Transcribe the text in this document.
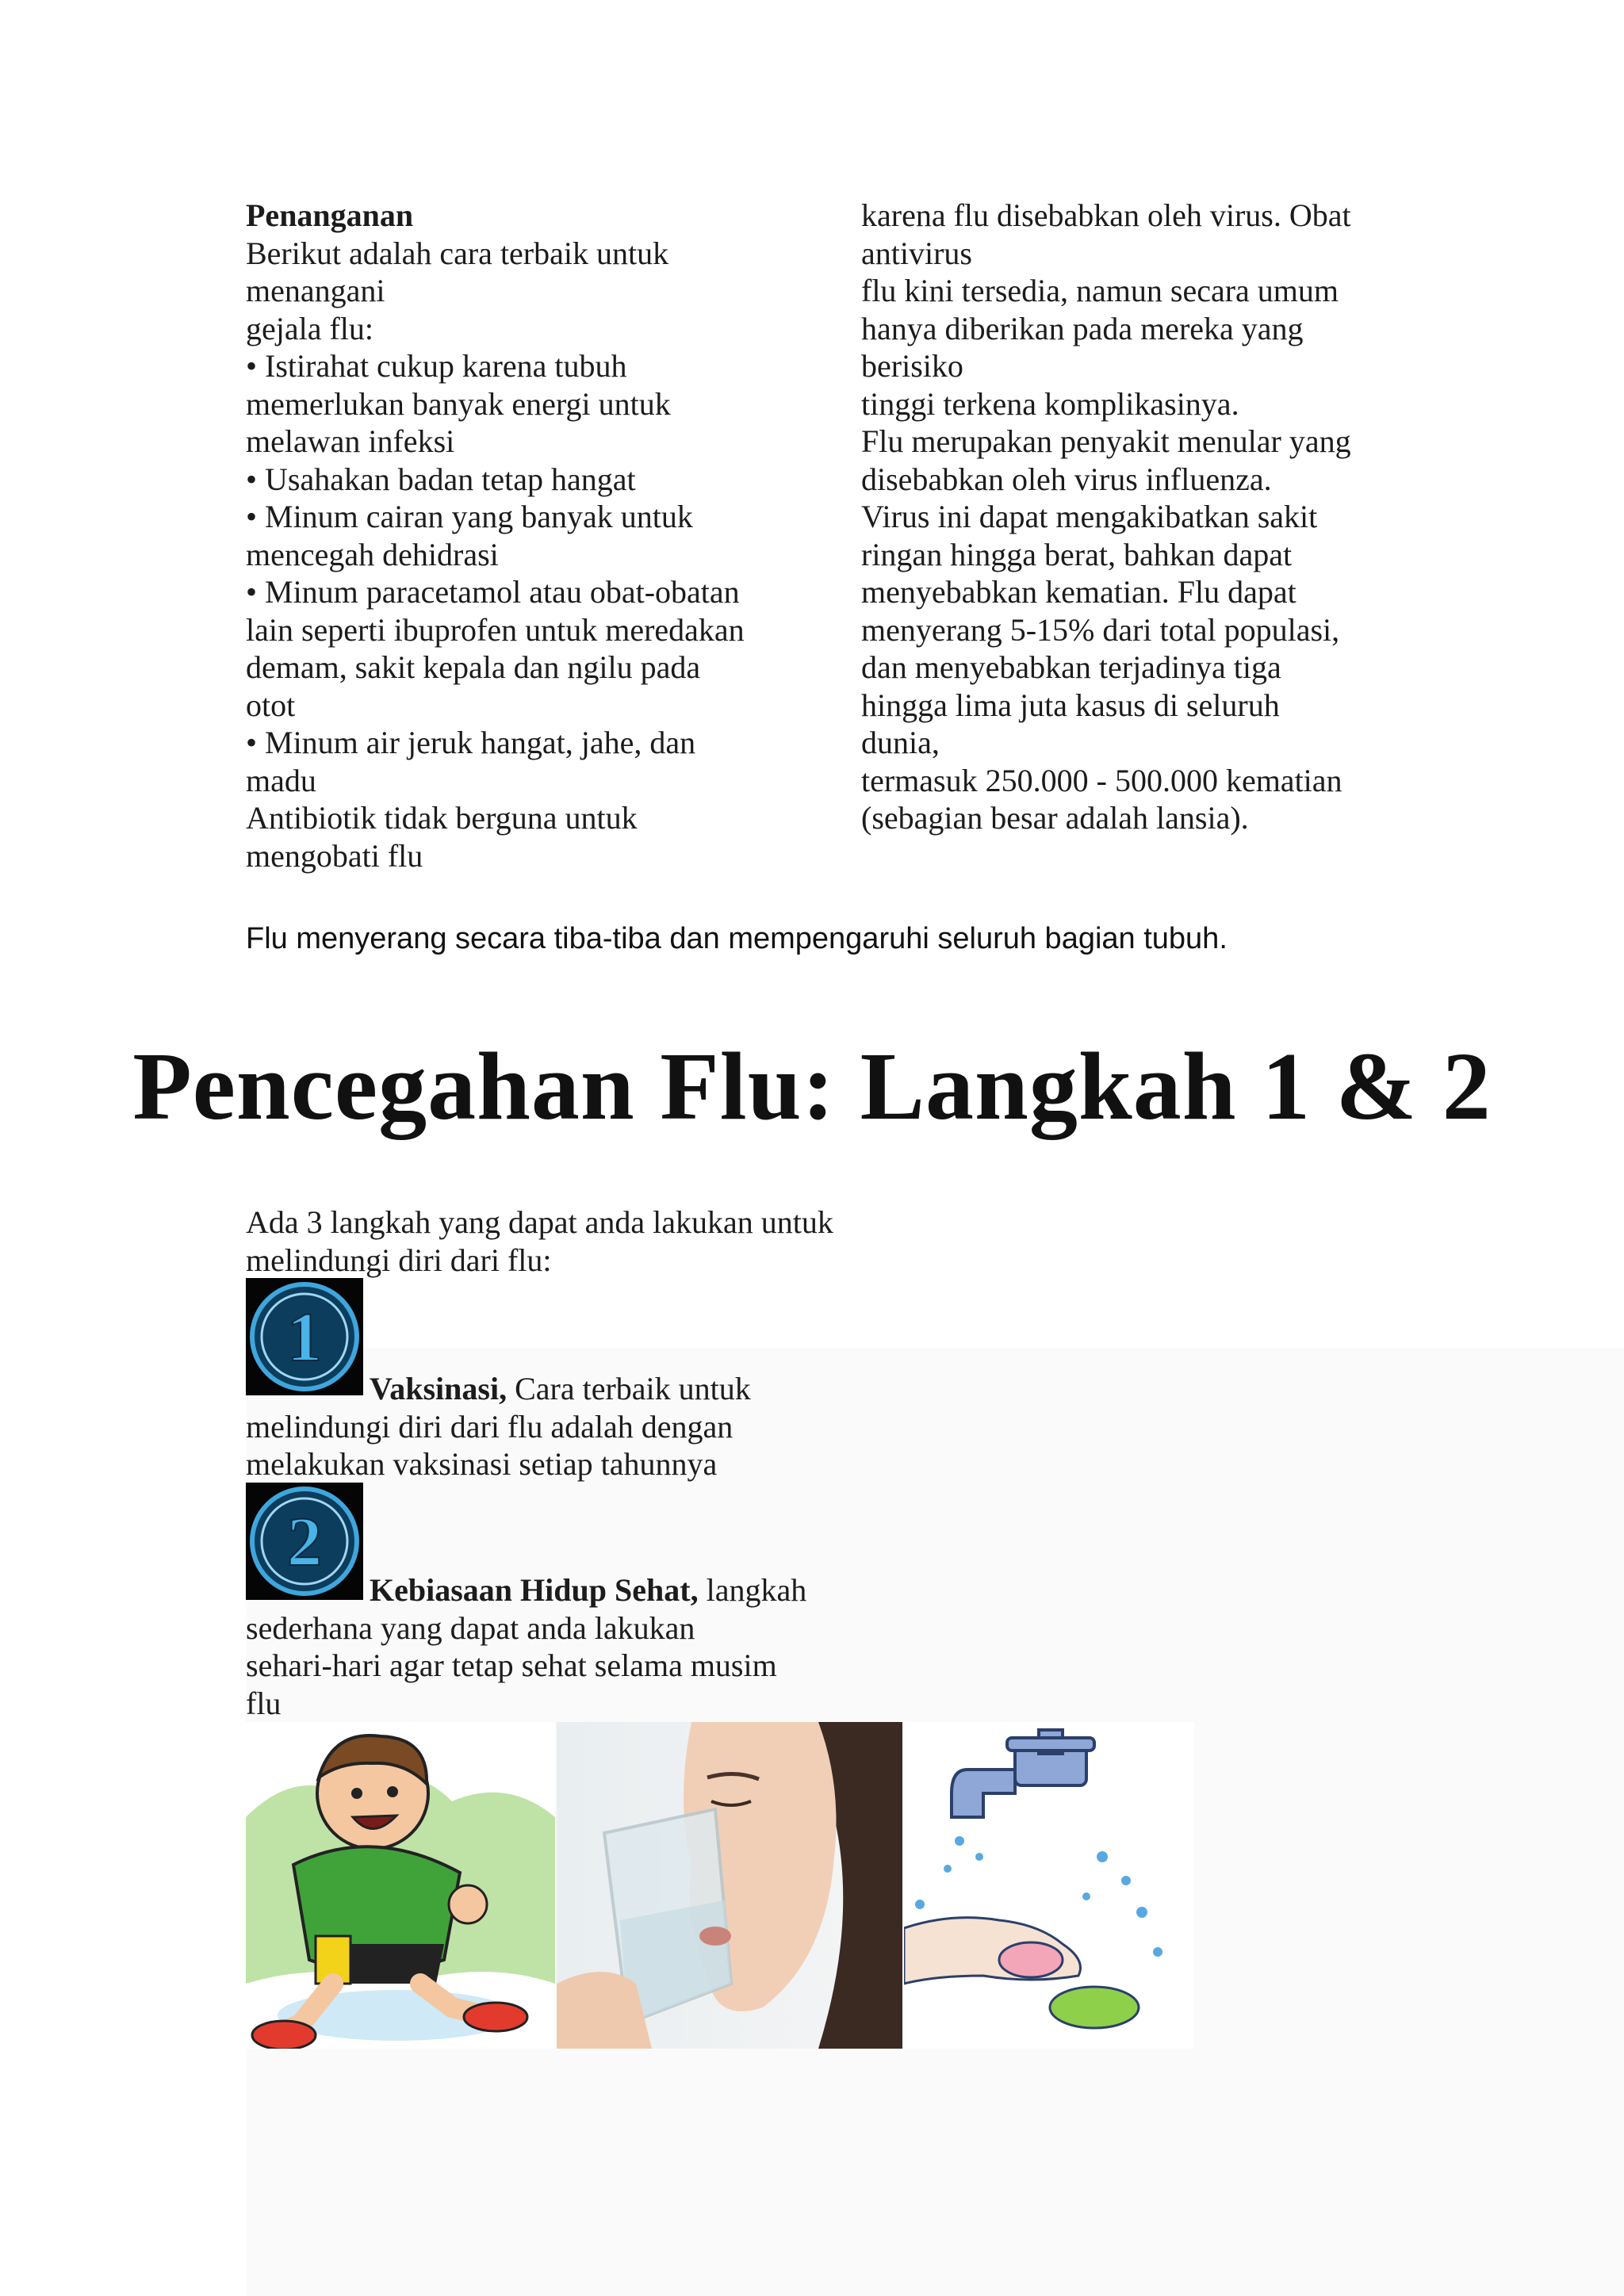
Penanganan
Berikut adalah cara terbaik untuk
menangani
gejala flu:
• Istirahat cukup karena tubuh
memerlukan banyak energi untuk
melawan infeksi
• Usahakan badan tetap hangat
• Minum cairan yang banyak untuk
mencegah dehidrasi
• Minum paracetamol atau obat-obatan
lain seperti ibuprofen untuk meredakan
demam, sakit kepala dan ngilu pada
otot
• Minum air jeruk hangat, jahe, dan
madu
Antibiotik tidak berguna untuk
mengobati flu
karena flu disebabkan oleh virus. Obat
antivirus
flu kini tersedia, namun secara umum
hanya diberikan pada mereka yang
berisiko
tinggi terkena komplikasinya.
Flu merupakan penyakit menular yang
disebabkan oleh virus influenza.
Virus ini dapat mengakibatkan sakit
ringan hingga berat, bahkan dapat
menyebabkan kematian. Flu dapat
menyerang 5-15% dari total populasi,
dan menyebabkan terjadinya tiga
hingga lima juta kasus di seluruh
dunia,
termasuk 250.000 - 500.000 kematian
(sebagian besar adalah lansia).
Flu menyerang secara tiba-tiba dan mempengaruhi seluruh bagian tubuh.
Pencegahan Flu: Langkah 1 & 2
Ada 3 langkah yang dapat anda lakukan untuk
melindungi diri dari flu:
1
Vaksinasi, Cara terbaik untuk
melindungi diri dari flu adalah dengan
melakukan vaksinasi setiap tahunnya
2
Kebiasaan Hidup Sehat, langkah
sederhana yang dapat anda lakukan
sehari-hari agar tetap sehat selama musim
flu
